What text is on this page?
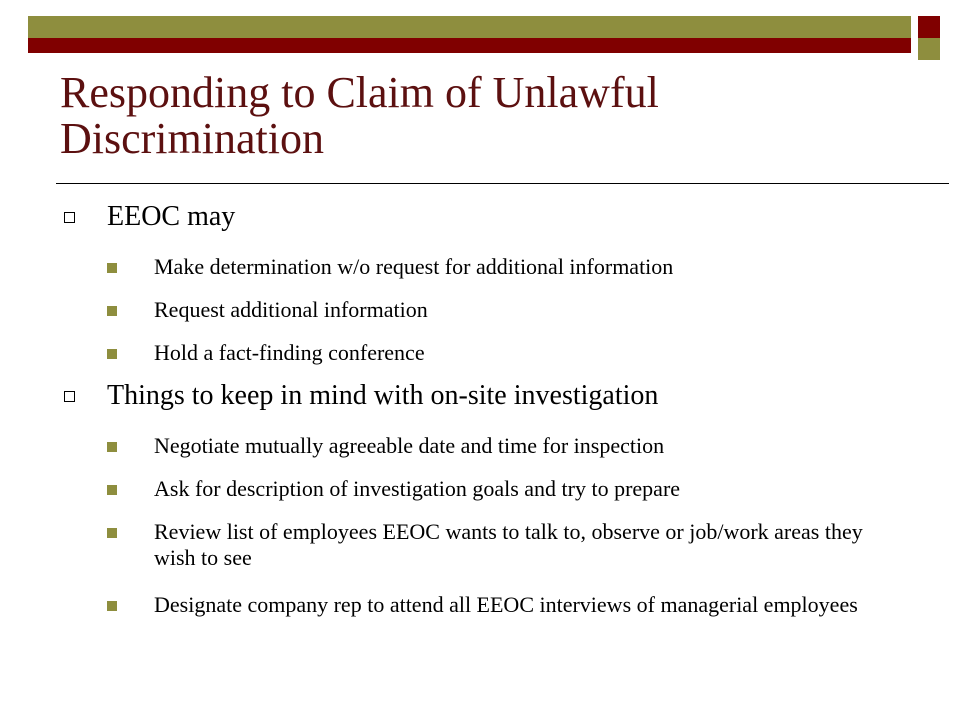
Responding to Claim of Unlawful Discrimination
EEOC may
Make determination w/o request for additional information
Request additional information
Hold a fact-finding conference
Things to keep in mind with on-site investigation
Negotiate mutually agreeable date and time for inspection
Ask for description of investigation goals and try to prepare
Review list of employees EEOC wants to talk to, observe or job/work areas they wish to see
Designate company rep to attend all EEOC interviews of managerial employees
